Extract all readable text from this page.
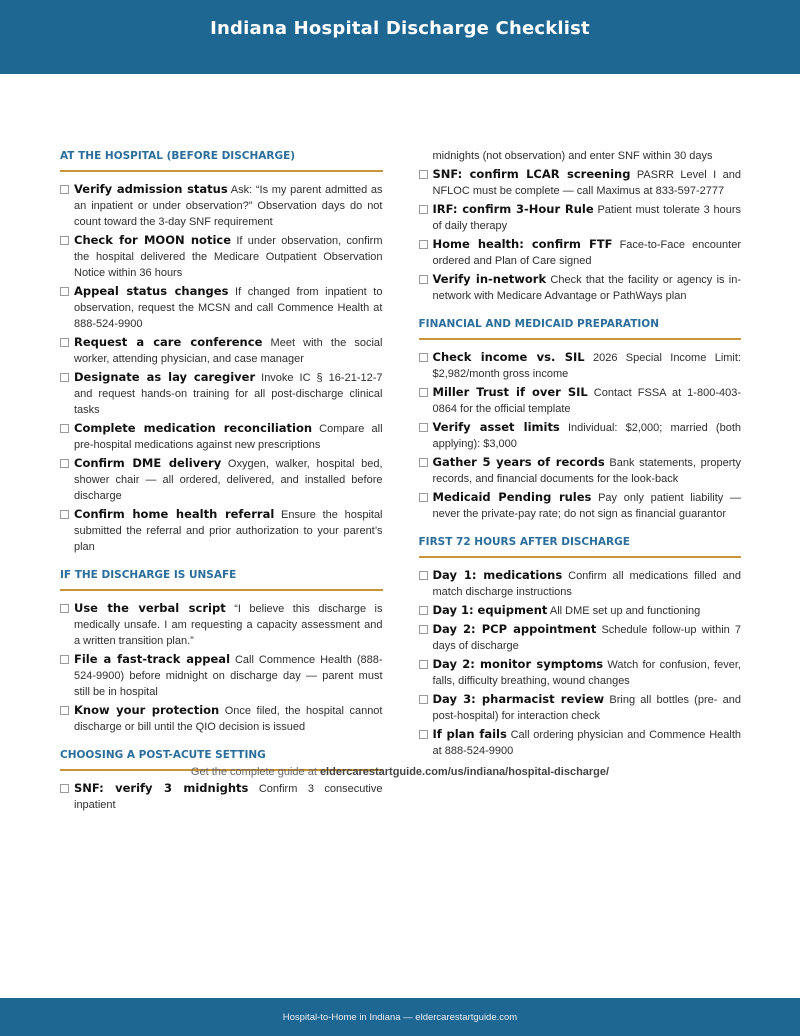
Indiana Hospital Discharge Checklist
AT THE HOSPITAL (BEFORE DISCHARGE)
Verify admission status Ask: “Is my parent admitted as an inpatient or under observation?” Observation days do not count toward the 3-day SNF requirement
Check for MOON notice If under observation, confirm the hospital delivered the Medicare Outpatient Observation Notice within 36 hours
Appeal status changes If changed from inpatient to observation, request the MCSN and call Commence Health at 888-524-9900
Request a care conference Meet with the social worker, attending physician, and case manager
Designate as lay caregiver Invoke IC § 16-21-12-7 and request hands-on training for all post-discharge clinical tasks
Complete medication reconciliation Compare all pre-hospital medications against new prescriptions
Confirm DME delivery Oxygen, walker, hospital bed, shower chair — all ordered, delivered, and installed before discharge
Confirm home health referral Ensure the hospital submitted the referral and prior authorization to your parent’s plan
IF THE DISCHARGE IS UNSAFE
Use the verbal script “I believe this discharge is medically unsafe. I am requesting a capacity assessment and a written transition plan.”
File a fast-track appeal Call Commence Health (888-524-9900) before midnight on discharge day — parent must still be in hospital
Know your protection Once filed, the hospital cannot discharge or bill until the QIO decision is issued
CHOOSING A POST-ACUTE SETTING
SNF: verify 3 midnights Confirm 3 consecutive inpatient
midnights (not observation) and enter SNF within 30 days
SNF: confirm LCAR screening PASRR Level I and NFLOC must be complete — call Maximus at 833-597-2777
IRF: confirm 3-Hour Rule Patient must tolerate 3 hours of daily therapy
Home health: confirm FTF Face-to-Face encounter ordered and Plan of Care signed
Verify in-network Check that the facility or agency is in-network with Medicare Advantage or PathWays plan
FINANCIAL AND MEDICAID PREPARATION
Check income vs. SIL 2026 Special Income Limit: $2,982/month gross income
Miller Trust if over SIL Contact FSSA at 1-800-403-0864 for the official template
Verify asset limits Individual: $2,000; married (both applying): $3,000
Gather 5 years of records Bank statements, property records, and financial documents for the look-back
Medicaid Pending rules Pay only patient liability — never the private-pay rate; do not sign as financial guarantor
FIRST 72 HOURS AFTER DISCHARGE
Day 1: medications Confirm all medications filled and match discharge instructions
Day 1: equipment All DME set up and functioning
Day 2: PCP appointment Schedule follow-up within 7 days of discharge
Day 2: monitor symptoms Watch for confusion, fever, falls, difficulty breathing, wound changes
Day 3: pharmacist review Bring all bottles (pre- and post-hospital) for interaction check
If plan fails Call ordering physician and Commence Health at 888-524-9900
Get the complete guide at eldercarestartguide.com/us/indiana/hospital-discharge/
Hospital-to-Home in Indiana — eldercarestartguide.com
